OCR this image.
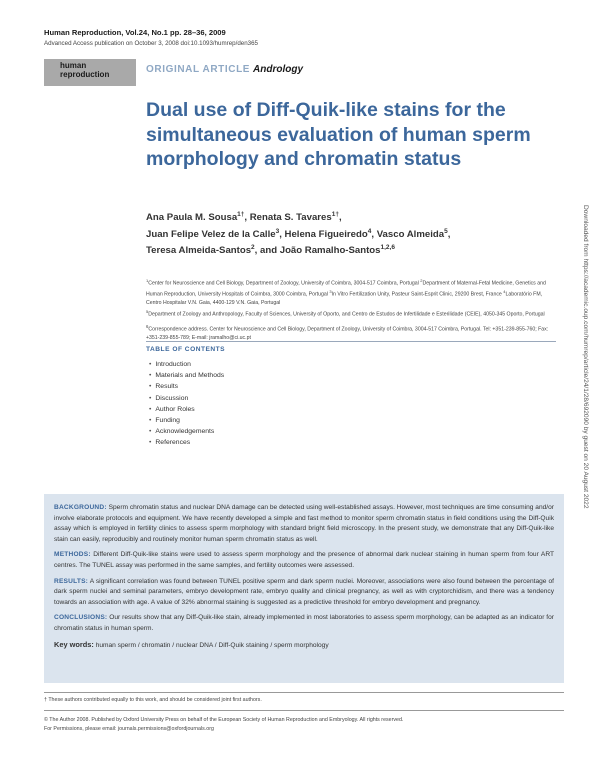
Human Reproduction, Vol.24, No.1 pp. 28–36, 2009
Advanced Access publication on October 3, 2008 doi:10.1093/humrep/den365
human
reproduction	ORIGINAL ARTICLE Andrology
Dual use of Diff-Quik-like stains for the simultaneous evaluation of human sperm morphology and chromatin status
Ana Paula M. Sousa$^{1\dagger}$, Renata S. Tavares$^{1\dagger}$,
Juan Felipe Velez de la Calle$^3$, Helena Figueiredo$^4$, Vasco Almeida$^5$,
Teresa Almeida-Santos$^2$, and João Ramalho-Santos$^{1,2,6}$
$^1$Center for Neuroscience and Cell Biology, Department of Zoology, University of Coimbra, 3004-517 Coimbra, Portugal $^2$Department of Maternal-Fetal Medicine, Genetics and Human Reproduction, University Hospitals of Coimbra, 3000 Coimbra, Portugal $^3$In Vitro Fertilization Unity, Pasteur Saint-Esprit Clinic, 29200 Brest, France $^4$Laboratório FM, Centro Hospitalar V.N. Gaia, 4400-129 V.N. Gaia, Portugal
$^5$Department of Zoology and Anthropology, Faculty of Sciences, University of Oporto, and Centro de Estudos de Infertilidade e Esterilidade (CEIE), 4050-345 Oporto, Portugal
$^6$Correspondence address. Center for Neuroscience and Cell Biology, Department of Zoology, University of Coimbra, 3004-517 Coimbra, Portugal. Tel: +351-239-855-760; Fax: +351-239-855-789; E-mail: jramalho@ci.uc.pt
TABLE OF CONTENTS
• Introduction
• Materials and Methods
• Results
• Discussion
• Author Roles
• Funding
• Acknowledgements
• References

BACKGROUND: Sperm chromatin status and nuclear DNA damage can be detected using well-established assays. However, most techniques are time consuming and/or involve elaborate protocols and equipment. We have recently developed a simple and fast method to monitor sperm chromatin status in field conditions using the Diff-Quik assay which is employed in fertility clinics to assess sperm morphology with standard bright field microscopy. In the present study, we demonstrate that any Diff-Quik-like stain can easily, reproducibly and routinely monitor human sperm chromatin status as well.

METHODS: Different Diff-Quik-like stains were used to assess sperm morphology and the presence of abnormal dark nuclear staining in human sperm from four ART centres. The TUNEL assay was performed in the same samples, and fertility outcomes were assessed.

RESULTS: A significant correlation was found between TUNEL positive sperm and dark sperm nuclei. Moreover, associations were also found between the percentage of dark sperm nuclei and seminal parameters, embryo development rate, embryo quality and clinical pregnancy, as well as with cryptorchidism, and there was a tendency towards an association with age. A value of 32% abnormal staining is suggested as a predictive threshold for embryo development and pregnancy.

CONCLUSIONS: Our results show that any Diff-Quik-like stain, already implemented in most laboratories to assess sperm morphology, can be adapted as an indicator for chromatin status in human sperm.

Key words: human sperm / chromatin / nuclear DNA / Diff-Quik staining / sperm morphology

† These authors contributed equally to this work, and should be considered joint first authors.
© The Author 2008. Published by Oxford University Press on behalf of the European Society of Human Reproduction and Embryology. All rights reserved.
For Permissions, please email: journals.permissions@oxfordjournals.org
Downloaded from https://academic.oup.com/humrep/article/24/1/28/692090 by guest on 20 August 2022
